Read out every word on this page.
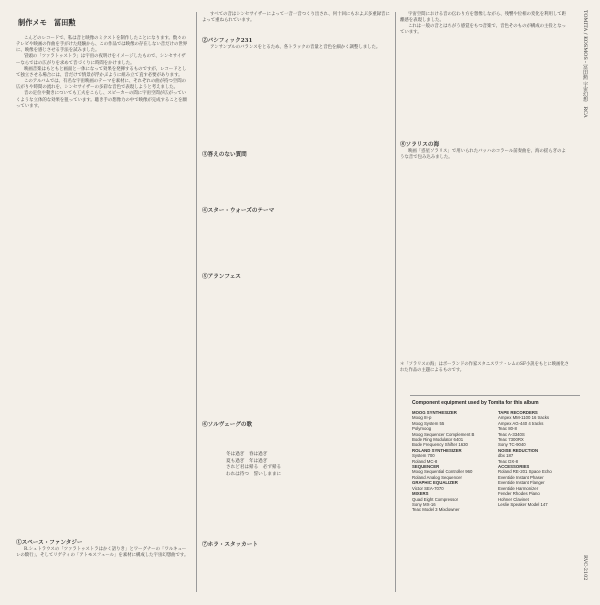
制作メモ　冨田勲

こんどのレコードで、私は音と映像のミクストを制作したことになります。数々のテレビや映画の作曲を手がけた経験から、この作品では映像の存在しない音だけの世界に、映像を感じさせる手法を試みました。

冒頭の「ツァラトゥストラ」は宇宙の夜明けをイメージしたもので、シンセサイザーならではの広がりを求めて音づくりに時間をかけました。

映画音楽はもともと画面と一体になって効果を発揮するものですが、レコードとして独立させる場合には、音だけで情景が浮かぶように組み立て直す必要があります。

このアルバムでは、有名な宇宙映画のテーマを素材に、それぞれの曲が持つ空間の広がりや時間の流れを、シンセサイザーの多彩な音色で表現しようと考えました。

音の定位や動きについても工夫をこらし、スピーカーの間に宇宙空間が広がっていくような立体的な効果を狙っています。聴き手の想像力の中で映像が完成することを願っています。

①スペース・ファンタジー

R.シュトラウスの「ツァラトゥストラはかく語りき」とワーグナーの「ワルキューレの騎行」、そしてリゲティの「アトモスフェール」を素材に構成した宇宙幻想曲です。

すべての音はシンセサイザーによって一音一音つくり出され、何十回にもおよぶ多重録音によって重ねられています。

②パシフィック231

アンサンブルのバランスをとるため、各トラックの音量と音色を細かく調整しました。

③答えのない質問
④スター・ウォーズのテーマ
⑤アランフェス
⑥ソルヴェーグの歌
冬は過ぎ　春は過ぎ
夏も過ぎ　年は過ぎ
されど君は帰る　必ず帰る
われは待つ　誓いしままに
⑦ホラ・スタッカート

宇宙空間における音の伝わり方を想像しながら、残響や位相の変化を利用して距離感を表現しました。

これは一般の音とはちがう感覚をもつ音楽で、音色そのものが構成の主役となっています。

⑧ソラリスの海

映画「惑星ソラリス」で用いられたバッハのコラール前奏曲を、海の揺らぎのような音で包み込みました。

＊「ソラリスの海」はポーランドの作家スタニスワフ・レムのSF小説をもとに映画化された作品の主題によるものです。
TOMITA / KOSMOS・冨田勲 宇宙幻想　RCA
RVC-2102
Component equipment used by Tomita for this album
MOOG SYNTHESIZER
Moog III-p
Moog System 55
Polymoog
Moog Sequencer Complement B
Bode Ring Modulator 6401
Bode Frequency Shifter 1630
ROLAND SYNTHESIZER
System 700
Roland MC-8
SEQUENCER
Moog Sequential Controller 960
Roland Analog Sequencer
GRAPHIC EQUALIZER
Victor SEA-7070
MIXERS
Quad Eight Compressor
Sony MX-16
Teac Model 3 Mixdowner
TAPE RECORDERS
Ampex MM-1100 16 tracks
Ampex AG-440 4 tracks
Teac 80-8
Teac A-3340S
Teac 7300RX
Sony TC-9040
NOISE REDUCTION
dbx 187
Teac DX-8
ACCESSORIES
Roland RE-201 Space Echo
Eventide Instant Phaser
Eventide Instant Flanger
Eventide Harmonizer
Fender Rhodes Piano
Hohner Clavinet
Leslie Speaker Model 147
